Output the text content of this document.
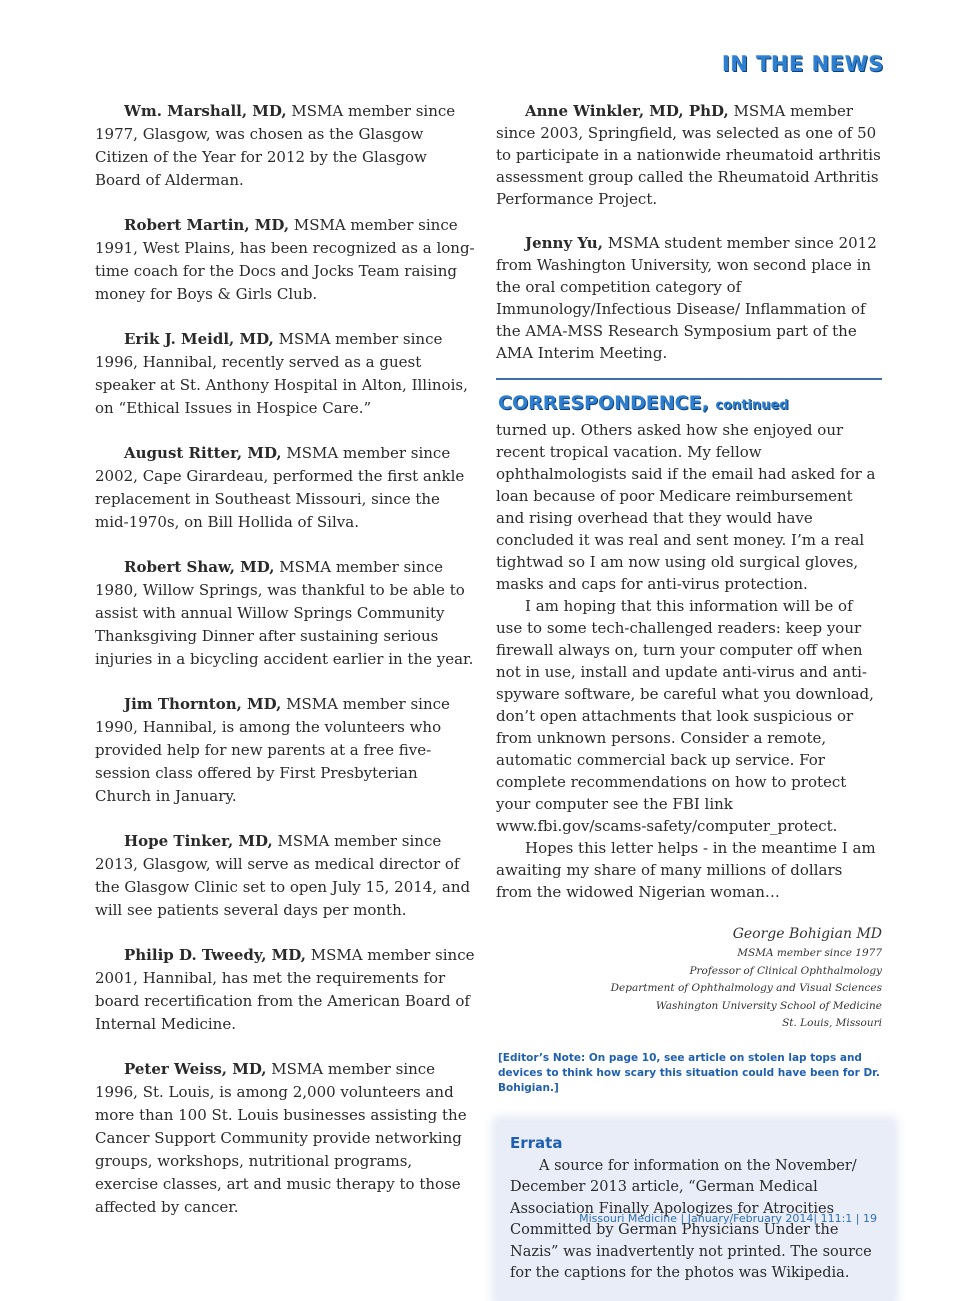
IN THE NEWS

Wm. Marshall, MD, MSMA member since 1977, Glasgow, was chosen as the Glasgow Citizen of the Year for 2012 by the Glasgow Board of Alderman.

Robert Martin, MD, MSMA member since 1991, West Plains, has been recognized as a long-time coach for the Docs and Jocks Team raising money for Boys & Girls Club.

Erik J. Meidl, MD, MSMA member since 1996, Hannibal, recently served as a guest speaker at St. Anthony Hospital in Alton, Illinois, on “Ethical Issues in Hospice Care.”

August Ritter, MD, MSMA member since 2002, Cape Girardeau, performed the first ankle replacement in Southeast Missouri, since the mid-1970s, on Bill Hollida of Silva.

Robert Shaw, MD, MSMA member since 1980, Willow Springs, was thankful to be able to assist with annual Willow Springs Community Thanksgiving Dinner after sustaining serious injuries in a bicycling accident earlier in the year.

Jim Thornton, MD, MSMA member since 1990, Hannibal, is among the volunteers who provided help for new parents at a free five-session class offered by First Presbyterian Church in January.

Hope Tinker, MD, MSMA member since 2013, Glasgow, will serve as medical director of the Glasgow Clinic set to open July 15, 2014, and will see patients several days per month.

Philip D. Tweedy, MD, MSMA member since 2001, Hannibal, has met the requirements for board recertification from the American Board of Internal Medicine.

Peter Weiss, MD, MSMA member since 1996, St. Louis, is among 2,000 volunteers and more than 100 St. Louis businesses assisting the Cancer Support Community provide networking groups, workshops, nutritional programs, exercise classes, art and music therapy to those affected by cancer.

Anne Winkler, MD, PhD, MSMA member since 2003, Springfield, was selected as one of 50 to participate in a nationwide rheumatoid arthritis assessment group called the Rheumatoid Arthritis Performance Project.

Jenny Yu, MSMA student member since 2012 from Washington University, won second place in the oral competition category of Immunology/Infectious Disease/ Inflammation of the AMA-MSS Research Symposium part of the AMA Interim Meeting.

CORRESPONDENCE, continued

turned up. Others asked how she enjoyed our recent tropical vacation. My fellow ophthalmologists said if the email had asked for a loan because of poor Medicare reimbursement and rising overhead that they would have concluded it was real and sent money. I’m a real tightwad so I am now using old surgical gloves, masks and caps for anti-virus protection.

I am hoping that this information will be of use to some tech-challenged readers: keep your firewall always on, turn your computer off when not in use, install and update anti-virus and anti-spyware software, be careful what you download, don’t open attachments that look suspicious or from unknown persons. Consider a remote, automatic commercial back up service. For complete recommendations on how to protect your computer see the FBI link www.fbi.gov/scams-safety/computer_protect.

Hopes this letter helps - in the meantime I am awaiting my share of many millions of dollars from the widowed Nigerian woman…

George Bohigian MD
MSMA member since 1977
Professor of Clinical Ophthalmology
Department of Ophthalmology and Visual Sciences
Washington University School of Medicine
St. Louis, Missouri
[Editor’s Note: On page 10, see article on stolen lap tops and devices to think how scary this situation could have been for Dr. Bohigian.]
Errata

A source for information on the November/ December 2013 article, “German Medical Association Finally Apologizes for Atrocities Committed by German Physicians Under the Nazis” was inadvertently not printed. The source for the captions for the photos was Wikipedia.

Missouri Medicine | January/February 2014| 111:1 | 19
